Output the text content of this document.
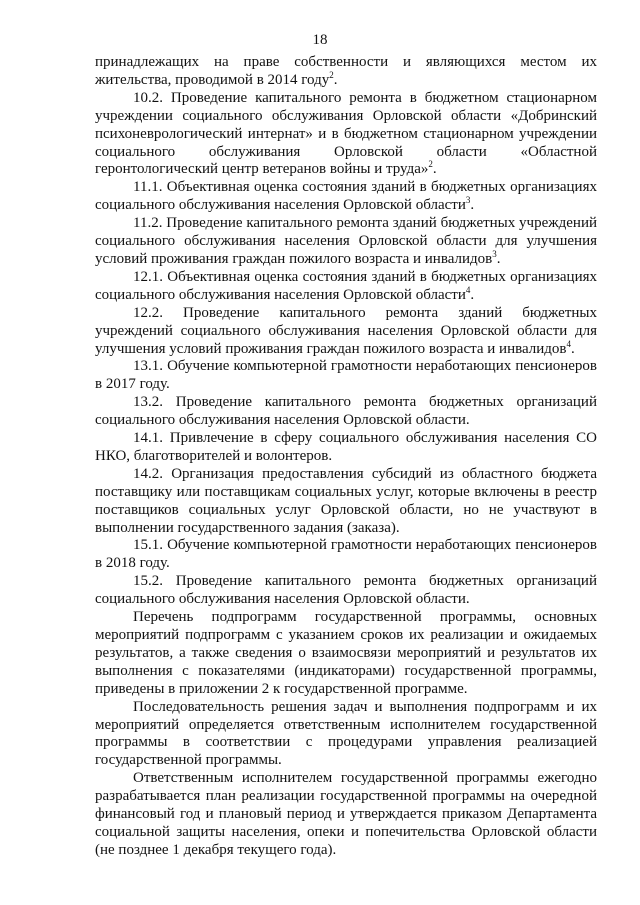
18

принадлежащих на праве собственности и являющихся местом их жительства, проводимой в 2014 году$^2$.

10.2. Проведение капитального ремонта в бюджетном стационарном учреждении социального обслуживания Орловской области «Добринский психоневрологический интернат» и в бюджетном стационарном учреждении социального обслуживания Орловской области «Областной геронтологический центр ветеранов войны и труда»$^2$.

11.1. Объективная оценка состояния зданий в бюджетных организациях социального обслуживания населения Орловской области$^3$.

11.2. Проведение капитального ремонта зданий бюджетных учреждений социального обслуживания населения Орловской области для улучшения условий проживания граждан пожилого возраста и инвалидов$^3$.

12.1. Объективная оценка состояния зданий в бюджетных организациях социального обслуживания населения Орловской области$^4$.

12.2. Проведение капитального ремонта зданий бюджетных учреждений социального обслуживания населения Орловской области для улучшения условий проживания граждан пожилого возраста и инвалидов$^4$.

13.1. Обучение компьютерной грамотности неработающих пенсионеров в 2017 году.

13.2. Проведение капитального ремонта бюджетных организаций социального обслуживания населения Орловской области.

14.1. Привлечение в сферу социального обслуживания населения СО НКО, благотворителей и волонтеров.

14.2. Организация предоставления субсидий из областного бюджета поставщику или поставщикам социальных услуг, которые включены в реестр поставщиков социальных услуг Орловской области, но не участвуют в выполнении государственного задания (заказа).

15.1. Обучение компьютерной грамотности неработающих пенсионеров в 2018 году.

15.2. Проведение капитального ремонта бюджетных организаций социального обслуживания населения Орловской области.

Перечень подпрограмм государственной программы, основных мероприятий подпрограмм с указанием сроков их реализации и ожидаемых результатов, а также сведения о взаимосвязи мероприятий и результатов их выполнения с показателями (индикаторами) государственной программы, приведены в приложении 2 к государственной программе.

Последовательность решения задач и выполнения подпрограмм и их мероприятий определяется ответственным исполнителем государственной программы в соответствии с процедурами управления реализацией государственной программы.

Ответственным исполнителем государственной программы ежегодно разрабатывается план реализации государственной программы на очередной финансовый год и плановый период и утверждается приказом Департамента социальной защиты населения, опеки и попечительства Орловской области (не позднее 1 декабря текущего года).
